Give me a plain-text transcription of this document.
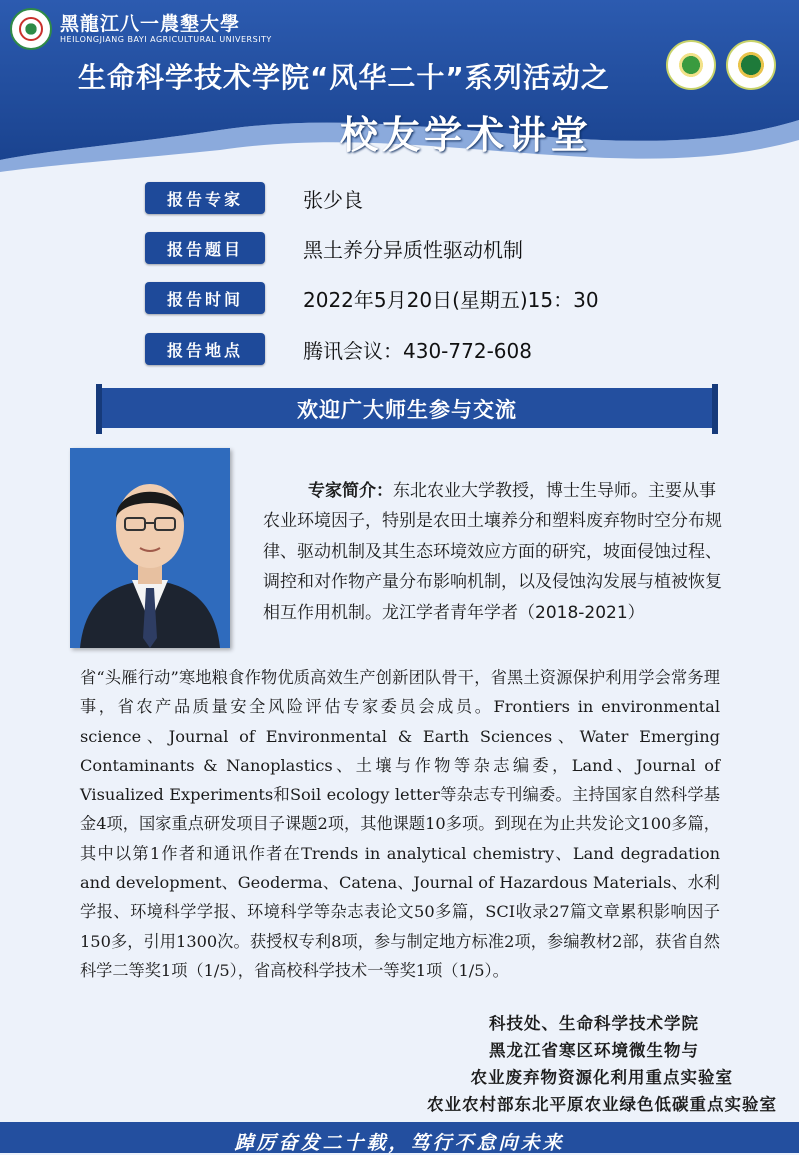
黑龍江八一農墾大學
HEILONGJIANG BAYI AGRICULTURAL UNIVERSITY
生命科学技术学院“风华二十”系列活动之
校友学术讲堂
报告专家	张少良
报告题目	黑土养分异质性驱动机制
报告时间	2022年5月20日(星期五)15：30
报告地点	腾讯会议：430-772-608
欢迎广大师生参与交流
专家简介：东北农业大学教授，博士生导师。主要从事农业环境因子，特别是农田土壤养分和塑料废弃物时空分布规律、驱动机制及其生态环境效应方面的研究，坡面侵蚀过程、调控和对作物产量分布影响机制，以及侵蚀沟发展与植被恢复相互作用机制。龙江学者青年学者（2018-2021）
省“头雁行动”寒地粮食作物优质高效生产创新团队骨干，省黑土资源保护利用学会常务理事，省农产品质量安全风险评估专家委员会成员。Frontiers in environmental science、Journal of Environmental & Earth Sciences、Water Emerging Contaminants & Nanoplastics、土壤与作物等杂志编委，Land、Journal of Visualized Experiments和Soil ecology letter等杂志专刊编委。主持国家自然科学基金4项，国家重点研发项目子课题2项，其他课题10多项。到现在为止共发论文100多篇，其中以第1作者和通讯作者在Trends in analytical chemistry、Land degradation and development、Geoderma、Catena、Journal of Hazardous Materials、水利学报、环境科学学报、环境科学等杂志表论文50多篇，SCI收录27篇文章累积影响因子150多，引用1300次。获授权专利8项，参与制定地方标准2项，参编教材2部，获省自然科学二等奖1项（1/5），省高校科学技术一等奖1项（1/5）。
科技处、生命科学技术学院
黑龙江省寒区环境微生物与
农业废弃物资源化利用重点实验室
农业农村部东北平原农业绿色低碳重点实验室
踔厉奋发二十载，笃行不怠向未来
